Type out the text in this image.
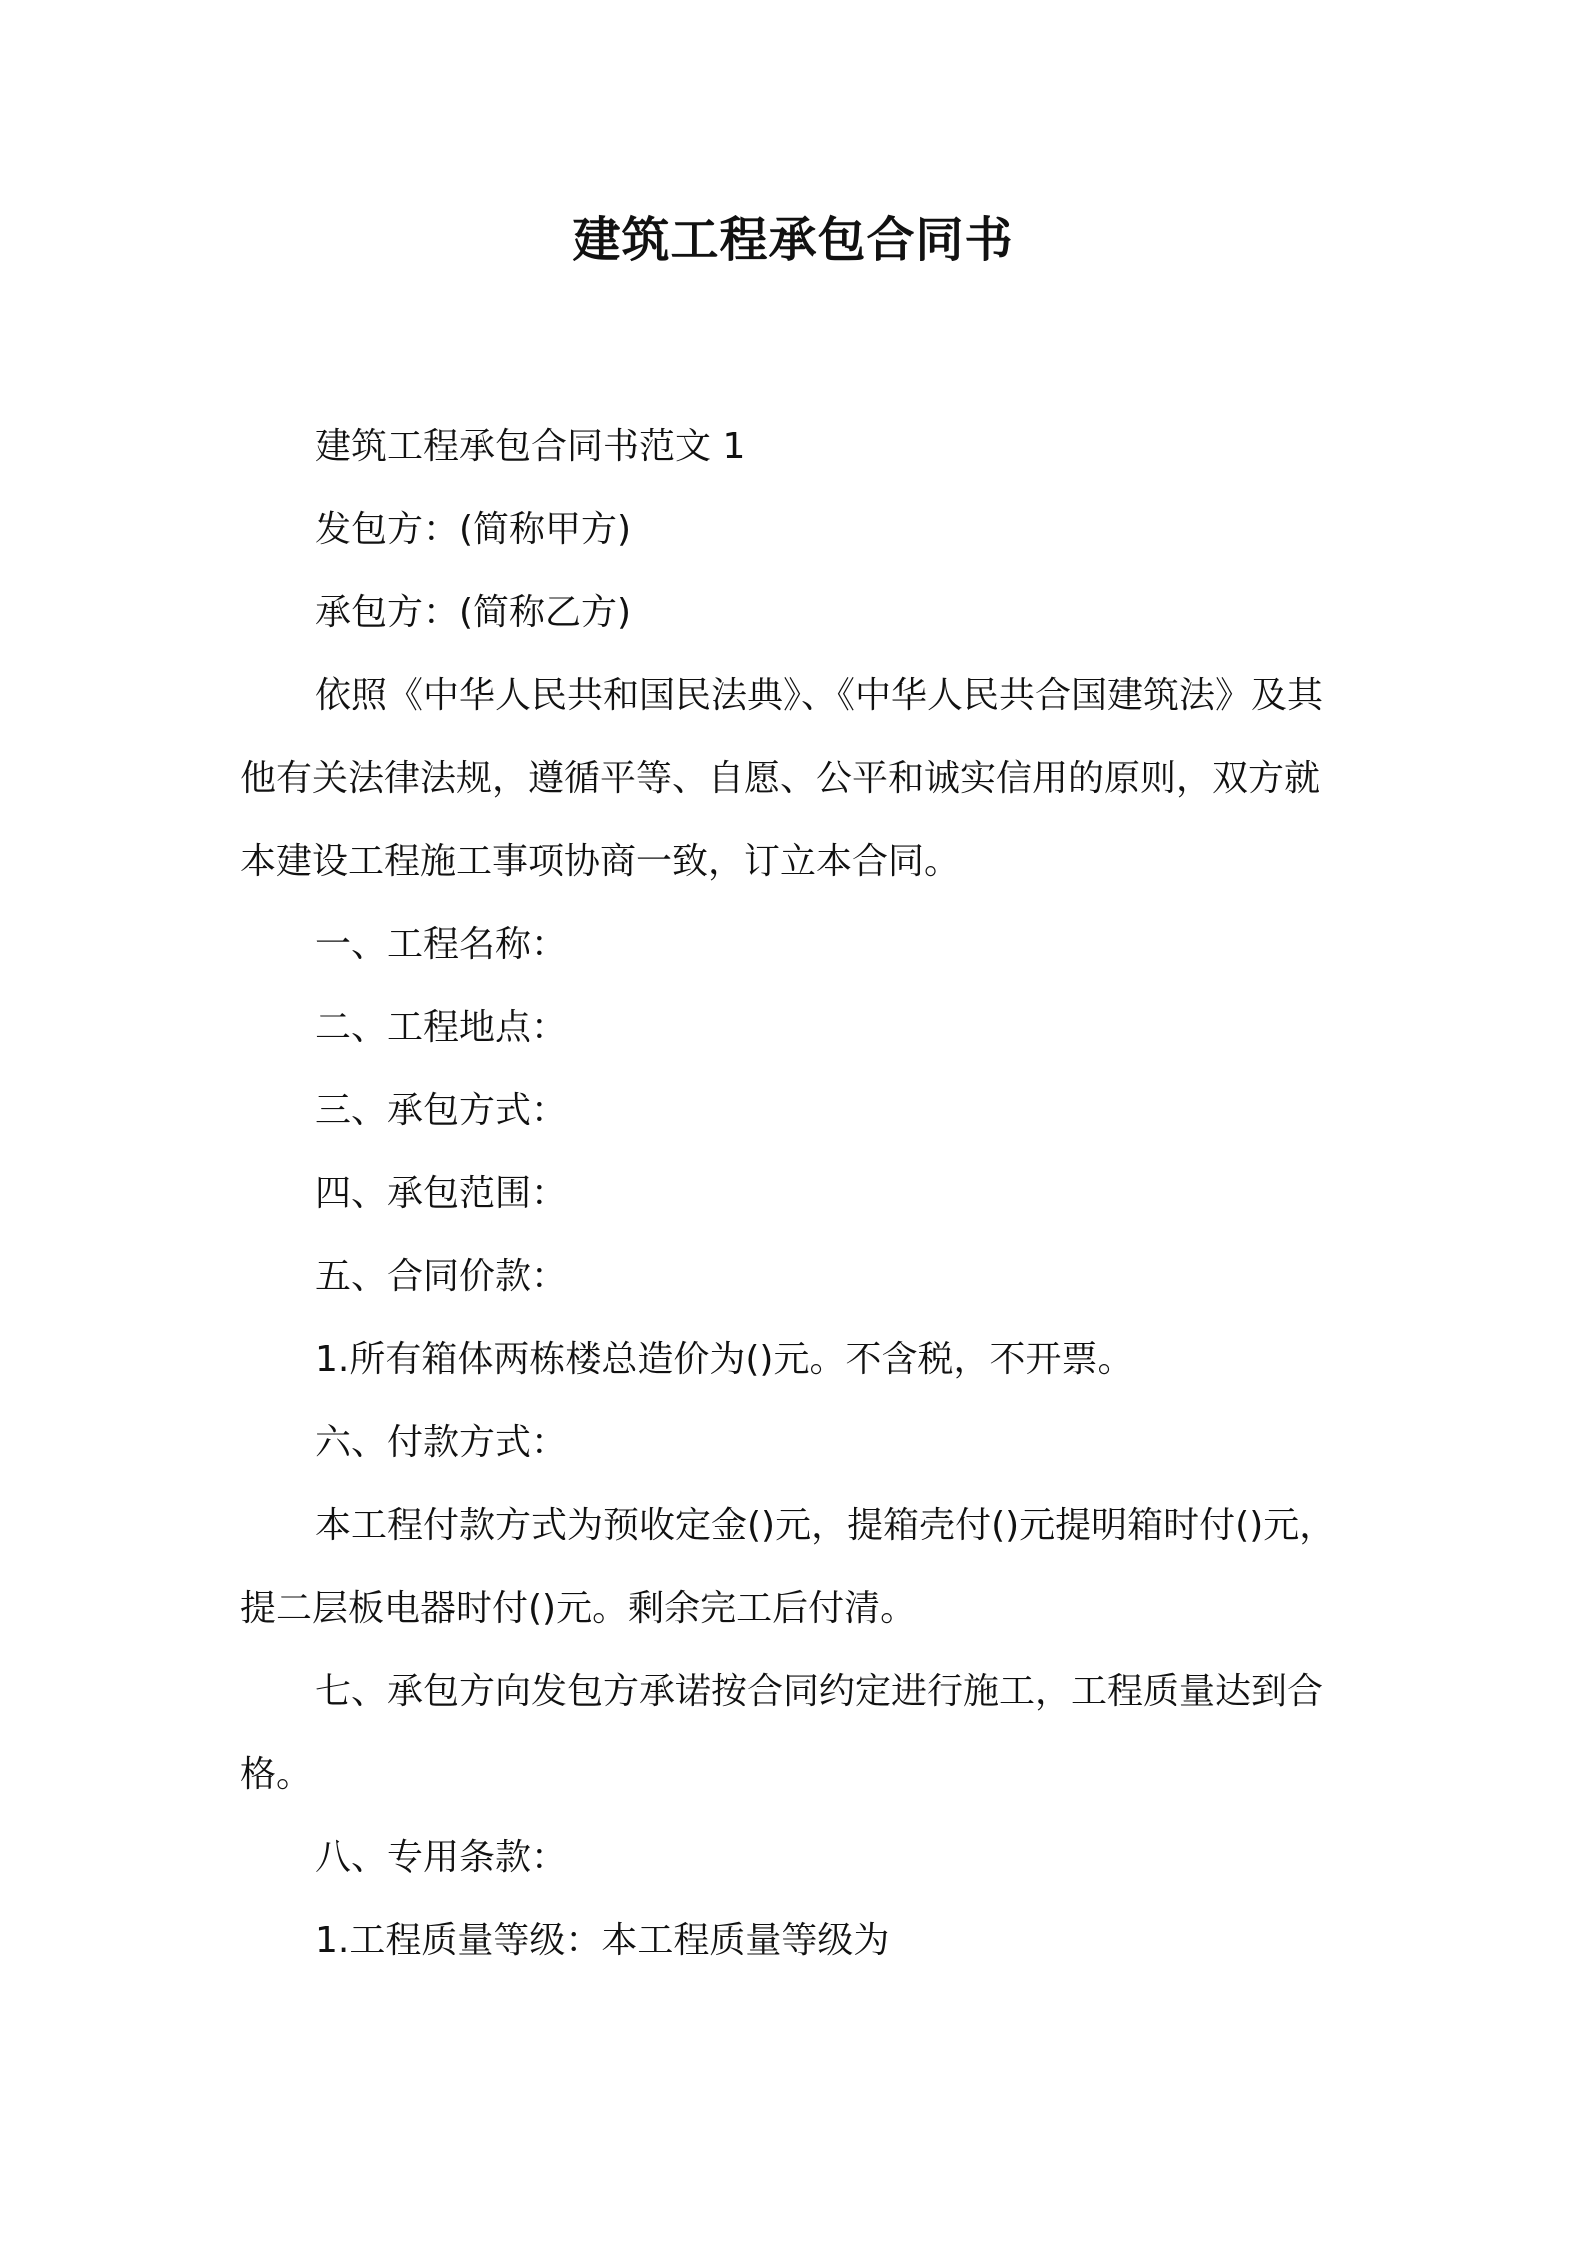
建筑工程承包合同书

建筑工程承包合同书范文 1

发包方：(简称甲方)

承包方：(简称乙方)

依照《中华人民共和国民法典》、《中华人民共合国建筑法》及其他有关法律法规，遵循平等、自愿、公平和诚实信用的原则，双方就本建设工程施工事项协商一致，订立本合同。

一、工程名称：

二、工程地点：

三、承包方式：

四、承包范围：

五、合同价款：

1.所有箱体两栋楼总造价为()元。不含税，不开票。

六、付款方式：

本工程付款方式为预收定金()元，提箱壳付()元提明箱时付()元，提二层板电器时付()元。剩余完工后付清。

七、承包方向发包方承诺按合同约定进行施工，工程质量达到合格。

八、专用条款：

1.工程质量等级：本工程质量等级为
